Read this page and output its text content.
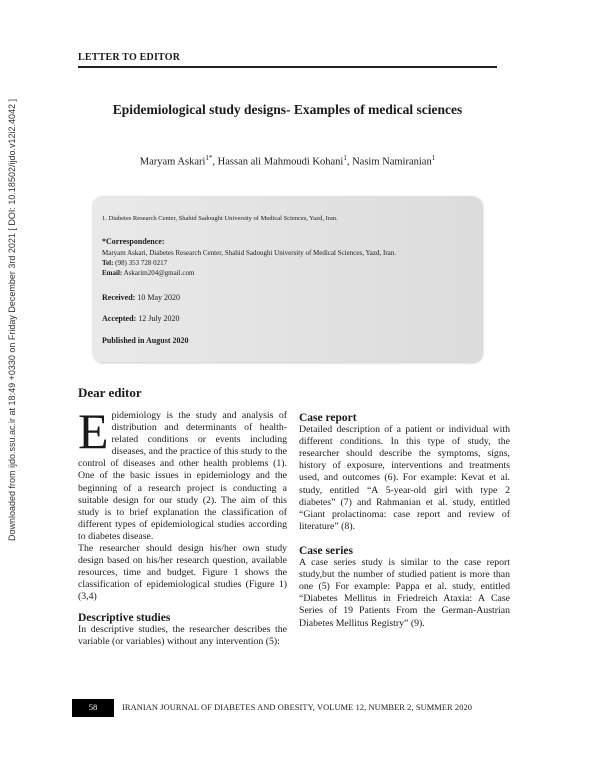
Downloaded from ijdo.ssu.ac.ir at 18:49 +0330 on Friday December 3rd 2021 [ DOI: 10.18502/ijdo.v12i2.4042 ]
LETTER TO EDITOR
Epidemiological study designs- Examples of medical sciences
Maryam Askari$^{1*}$, Hassan ali Mahmoudi Kohani$^1$, Nasim Namiranian$^1$
1. Diabetes Research Center, Shahid Sadoughi University of Medical Sciences, Yazd, Iran.
*Correspondence:
Maryam Askari, Diabetes Research Center, Shahid Sadoughi University of Medical Sciences, Yazd, Iran.
Tel: (98) 353 728 0217
Email: Askarim204@gmail.com
Received: 10 May 2020
Accepted: 12 July 2020
Published in August 2020
Dear editor

Epidemiology is the study and analysis of distribution and determinants of health-related conditions or events including diseases, and the practice of this study to the control of diseases and other health problems (1). One of the basic issues in epidemiology and the beginning of a research project is conducting a suitable design for our study (2). The aim of this study is to brief explanation the classification of different types of epidemiological studies according to diabetes disease.

The researcher should design his/her own study design based on his/her research question, available resources, time and budget. Figure 1 shows the classification of epidemiological studies (Figure 1) (3,4)

Descriptive studies

In descriptive studies, the researcher describes the variable (or variables) without any intervention (5):

Case report

Detailed description of a patient or individual with different conditions. In this type of study, the researcher should describe the symptoms, signs, history of exposure, interventions and treatments used, and outcomes (6). For example: Kevat et al. study, entitled “A 5-year-old girl with type 2 diabetes” (7) and Rahmanian et al. study, entitled “Giant prolactinoma: case report and review of literature” (8).

Case series

A case series study is similar to the case report study,but the number of studied patient is more than one (5) For example: Pappa et al. study, entitled “Diabetes Mellitus in Friedreich Ataxia: A Case Series of 19 Patients From the German-Austrian Diabetes Mellitus Registry” (9).

58	IRANIAN JOURNAL OF DIABETES AND OBESITY, VOLUME 12, NUMBER 2, SUMMER 2020
